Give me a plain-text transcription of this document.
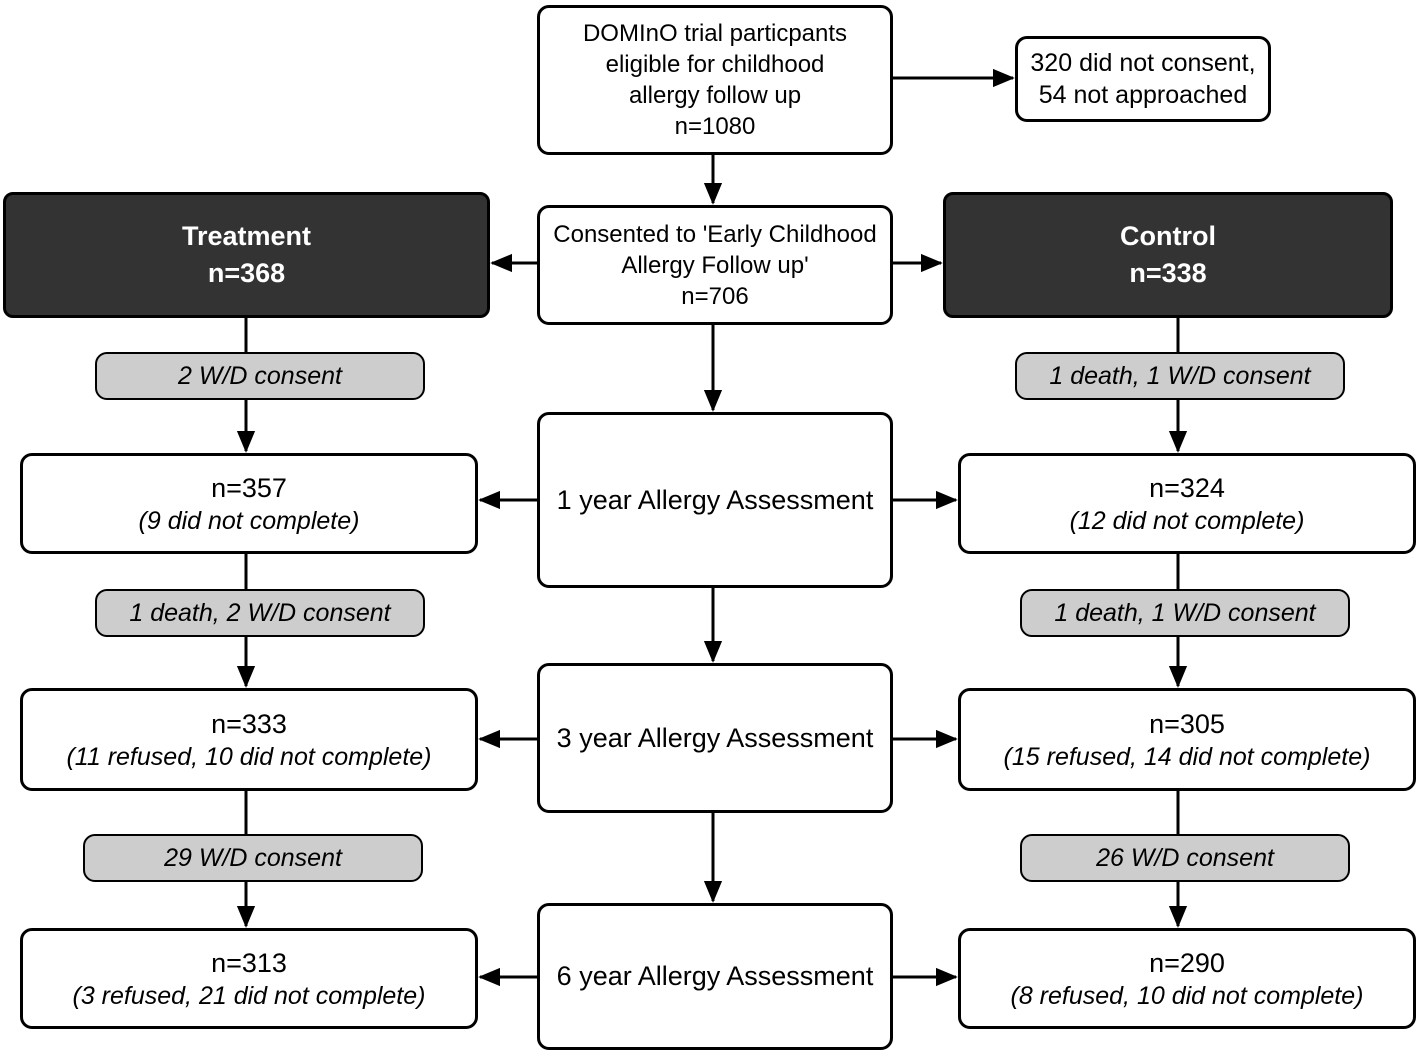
DOMInO trial particpants
eligible for childhood
allergy follow up
n=1080
320 did not consent,
54 not approached
Treatment
n=368
Consented to 'Early Childhood
Allergy Follow up'
n=706
Control
n=338
2 W/D consent	1 death, 1 W/D consent
n=357
(9 did not complete)
1 year Allergy Assessment	n=324
(12 did not complete)
1 death, 2 W/D consent	1 death, 1 W/D consent
n=333
(11 refused, 10 did not complete)
3 year Allergy Assessment	n=305
(15 refused, 14 did not complete)
29 W/D consent	26 W/D consent
n=313
(3 refused, 21 did not complete)
6 year Allergy Assessment	n=290
(8 refused, 10 did not complete)
